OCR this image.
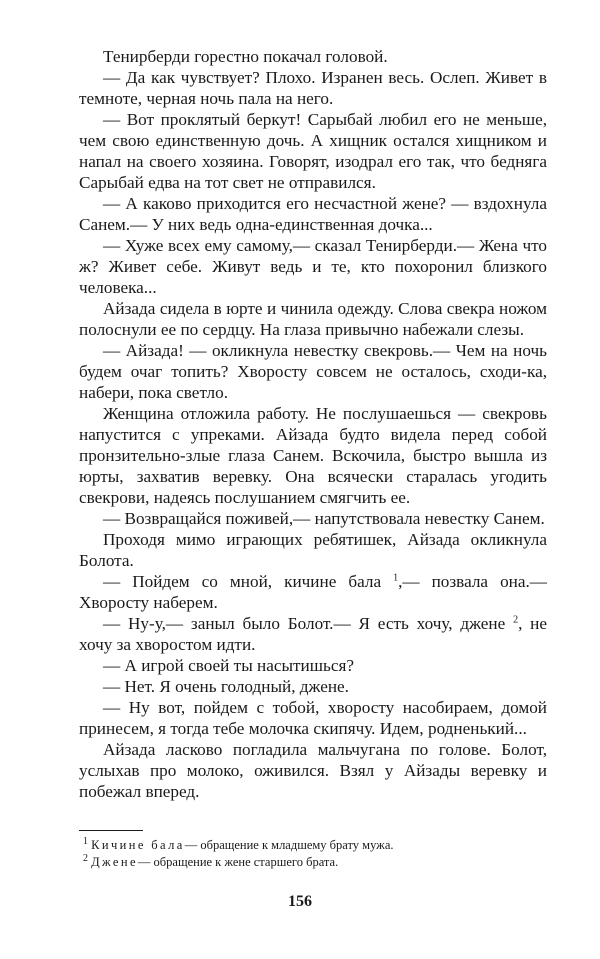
Тенирберди горестно покачал головой.

— Да как чувствует? Плохо. Изранен весь. Ослеп. Живет в темноте, черная ночь пала на него.

— Вот проклятый беркут! Сарыбай любил его не меньше, чем свою единственную дочь. А хищник остался хищником и напал на своего хозяина. Говорят, изодрал его так, что бедняга Сарыбай едва на тот свет не отправился.

— А каково приходится его несчастной жене? — вздохнула Санем.— У них ведь одна-единственная дочка...

— Хуже всех ему самому,— сказал Тенирберди.— Жена что ж? Живет себе. Живут ведь и те, кто похоронил близкого человека...

Айзада сидела в юрте и чинила одежду. Слова свекра ножом полоснули ее по сердцу. На глаза привычно набежали слезы.

— Айзада! — окликнула невестку свекровь.— Чем на ночь будем очаг топить? Хворосту совсем не осталось, сходи-ка, набери, пока светло.

Женщина отложила работу. Не послушаешься — свекровь напустится с упреками. Айзада будто видела перед собой пронзительно-злые глаза Санем. Вскочила, быстро вышла из юрты, захватив веревку. Она всячески старалась угодить свекрови, надеясь послушанием смягчить ее.

— Возвращайся поживей,— напутствовала невестку Санем.

Проходя мимо играющих ребятишек, Айзада окликнула Болота.

— Пойдем со мной, кичине бала $^1$,— позвала она.— Хворосту наберем.

— Ну-у,— заныл было Болот.— Я есть хочу, джене $^2$, не хочу за хворостом идти.

— А игрой своей ты насытишься?

— Нет. Я очень голодный, джене.

— Ну вот, пойдем с тобой, хворосту насобираем, домой принесем, я тогда тебе молочка скипячу. Идем, родненький...

Айзада ласково погладила мальчугана по голове. Болот, услыхав про молоко, оживился. Взял у Айзады веревку и побежал вперед.

$^1$ Кичине бала— обращение к младшему брату мужа.

$^2$ Джене— обращение к жене старшего брата.

156
